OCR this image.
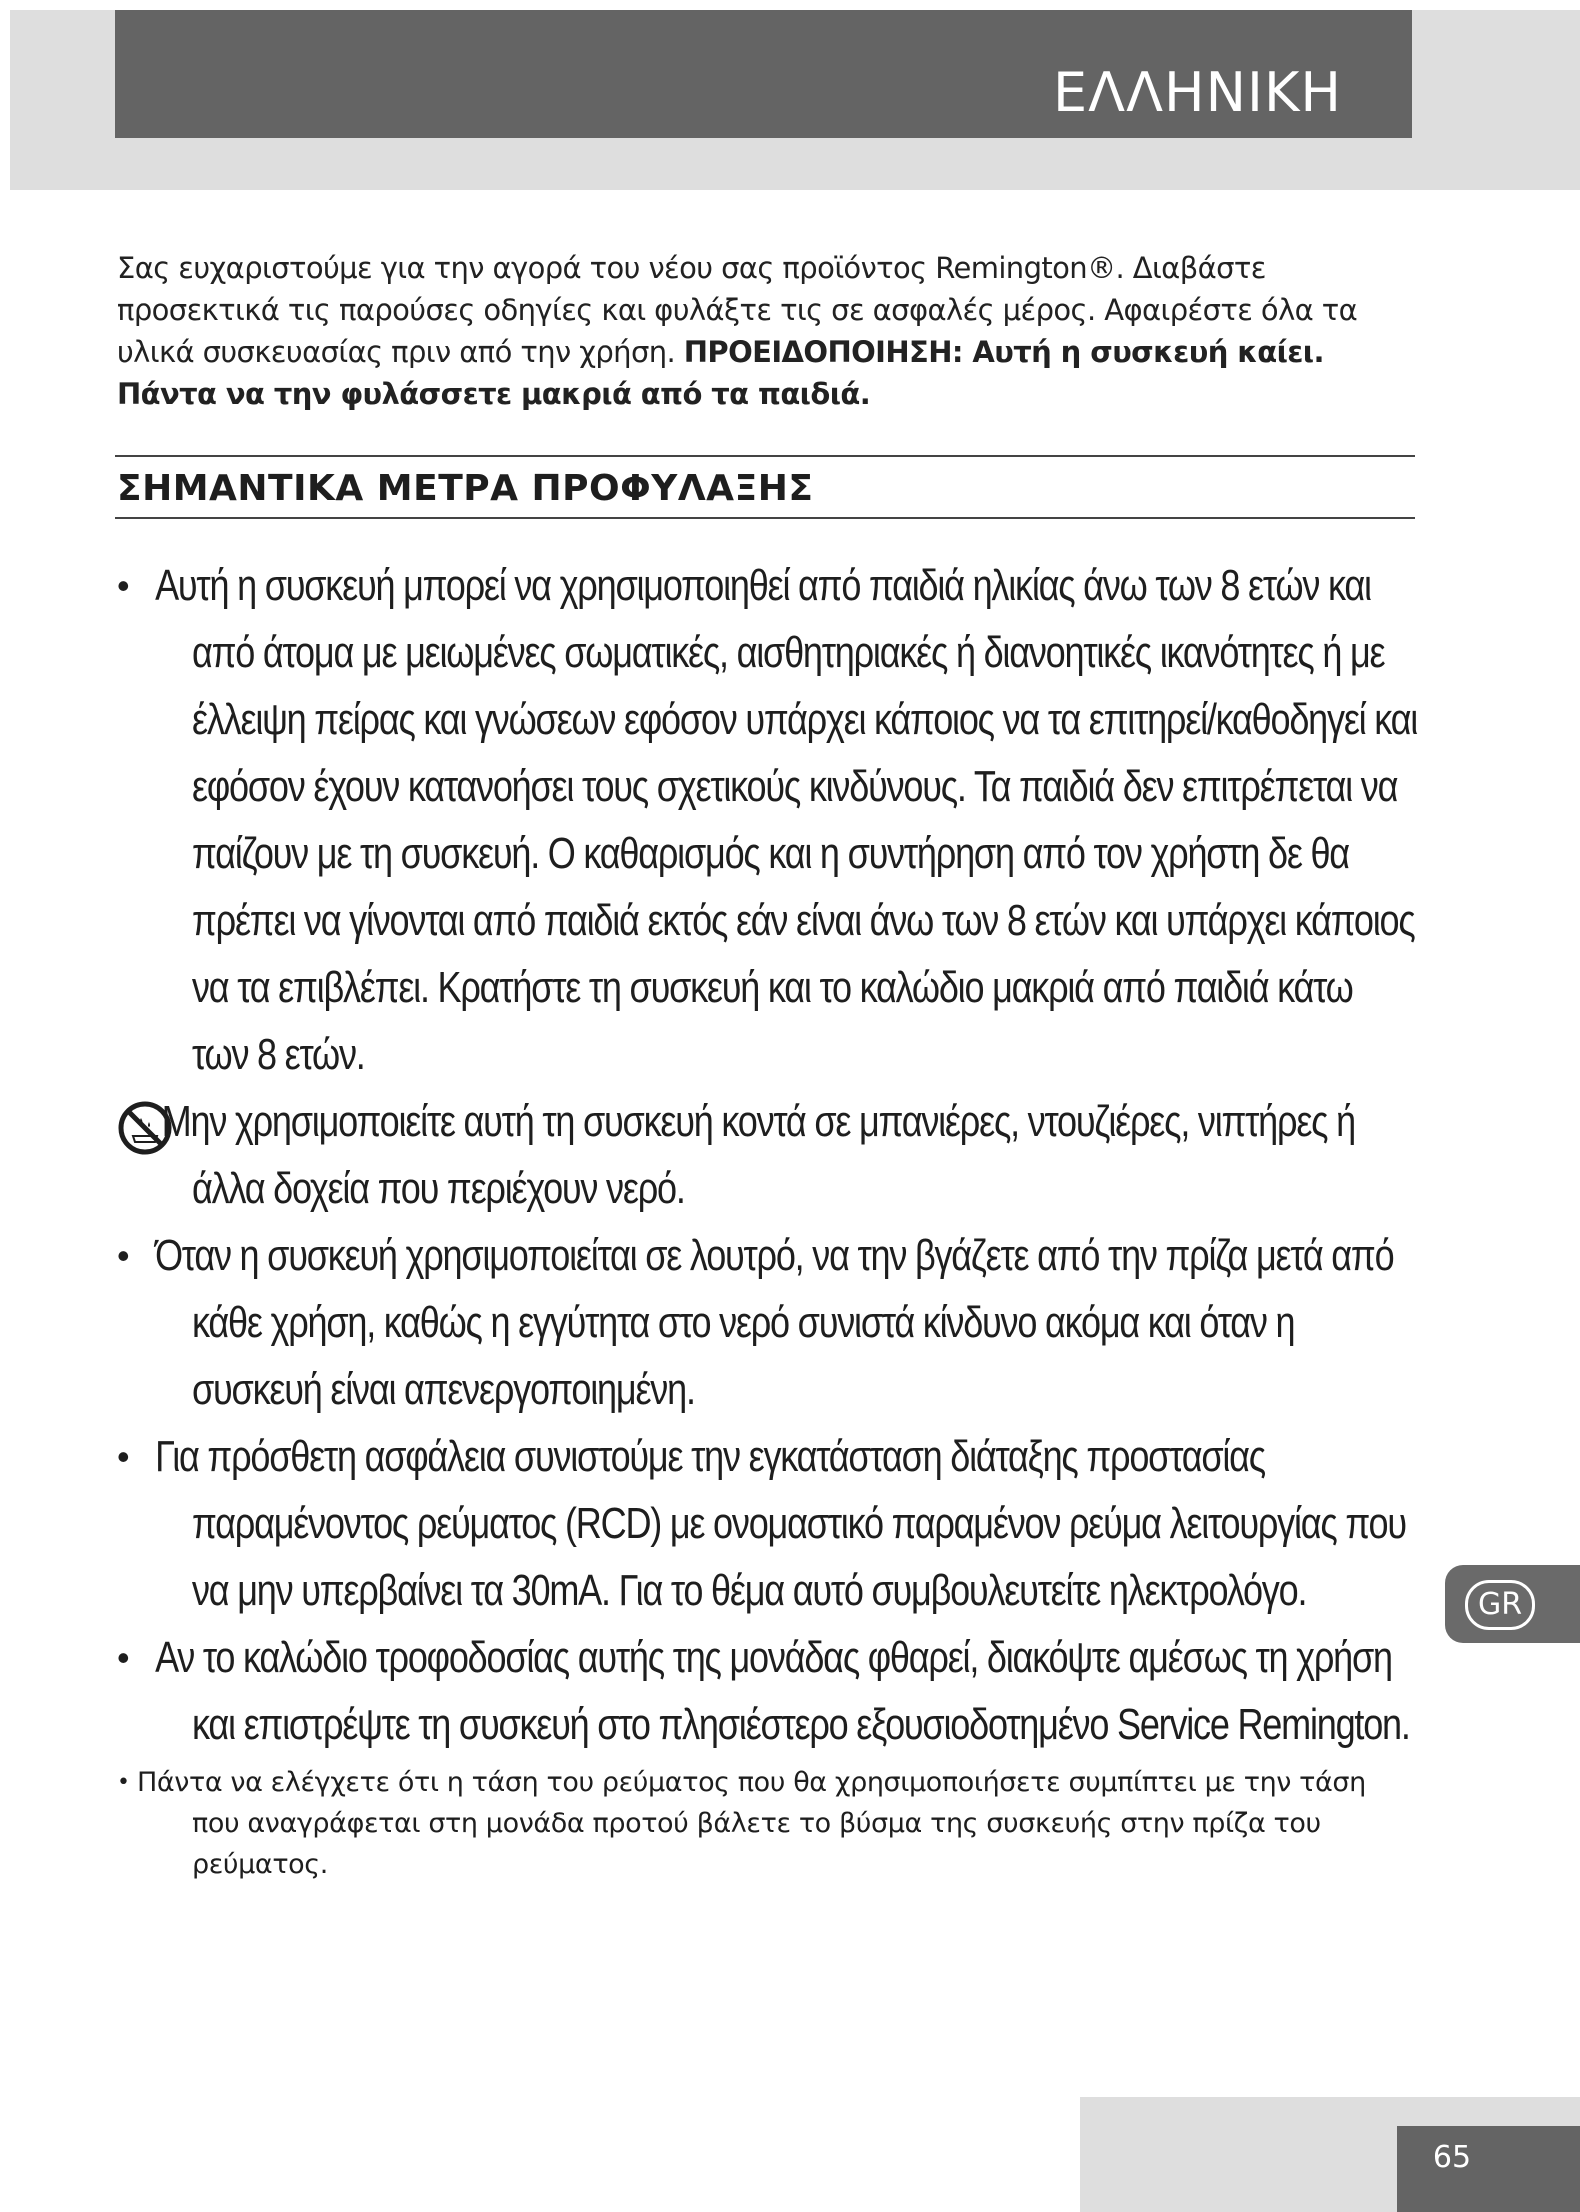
ΕΛΛΗΝΙΚΗ
Σας ευχαριστούμε για την αγορά του νέου σας προϊόντος Remington®. Διαβάστε προσεκτικά τις παρούσες οδηγίες και φυλάξτε τις σε ασφαλές μέρος. Αφαιρέστε όλα τα υλικά συσκευασίας πριν από την χρήση. ΠΡΟΕΙΔΟΠΟΙΗΣΗ: Αυτή η συσκευή καίει. Πάντα να την φυλάσσετε μακριά από τα παιδιά.
ΣΗΜΑΝΤΙΚΑ ΜΕΤΡΑ ΠΡΟΦΥΛΑΞΗΣ
• Αυτή η συσκευή μπορεί να χρησιμοποιηθεί από παιδιά ηλικίας άνω των 8 ετών και από άτομα με μειωμένες σωματικές, αισθητηριακές ή διανοητικές ικανότητες ή με έλλειψη πείρας και γνώσεων εφόσον υπάρχει κάποιος να τα επιτηρεί/καθοδηγεί και εφόσον έχουν κατανοήσει τους σχετικούς κινδύνους. Τα παιδιά δεν επιτρέπεται να παίζουν με τη συσκευή. Ο καθαρισμός και η συντήρηση από τον χρήστη δε θα πρέπει να γίνονται από παιδιά εκτός εάν είναι άνω των 8 ετών και υπάρχει κάποιος να τα επιβλέπει. Κρατήστε τη συσκευή και το καλώδιο μακριά από παιδιά κάτω των 8 ετών.
Μην χρησιμοποιείτε αυτή τη συσκευή κοντά σε μπανιέρες, ντουζιέρες, νιπτήρες ή άλλα δοχεία που περιέχουν νερό.
• Όταν η συσκευή χρησιμοποιείται σε λουτρό, να την βγάζετε από την πρίζα μετά από κάθε χρήση, καθώς η εγγύτητα στο νερό συνιστά κίνδυνο ακόμα και όταν η συσκευή είναι απενεργοποιημένη.
• Για πρόσθετη ασφάλεια συνιστούμε την εγκατάσταση διάταξης προστασίας παραμένοντος ρεύματος (RCD) με ονομαστικό παραμένον ρεύμα λειτουργίας που να μην υπερβαίνει τα 30mA. Για το θέμα αυτό συμβουλευτείτε ηλεκτρολόγο.
• Αν το καλώδιο τροφοδοσίας αυτής της μονάδας φθαρεί, διακόψτε αμέσως τη χρήση και επιστρέψτε τη συσκευή στο πλησιέστερο εξουσιοδοτημένο Service Remington.
• Πάντα να ελέγχετε ότι η τάση του ρεύματος που θα χρησιμοποιήσετε συμπίπτει με την τάση που αναγράφεται στη μονάδα προτού βάλετε το βύσμα της συσκευής στην πρίζα του ρεύματος.
GR
65
